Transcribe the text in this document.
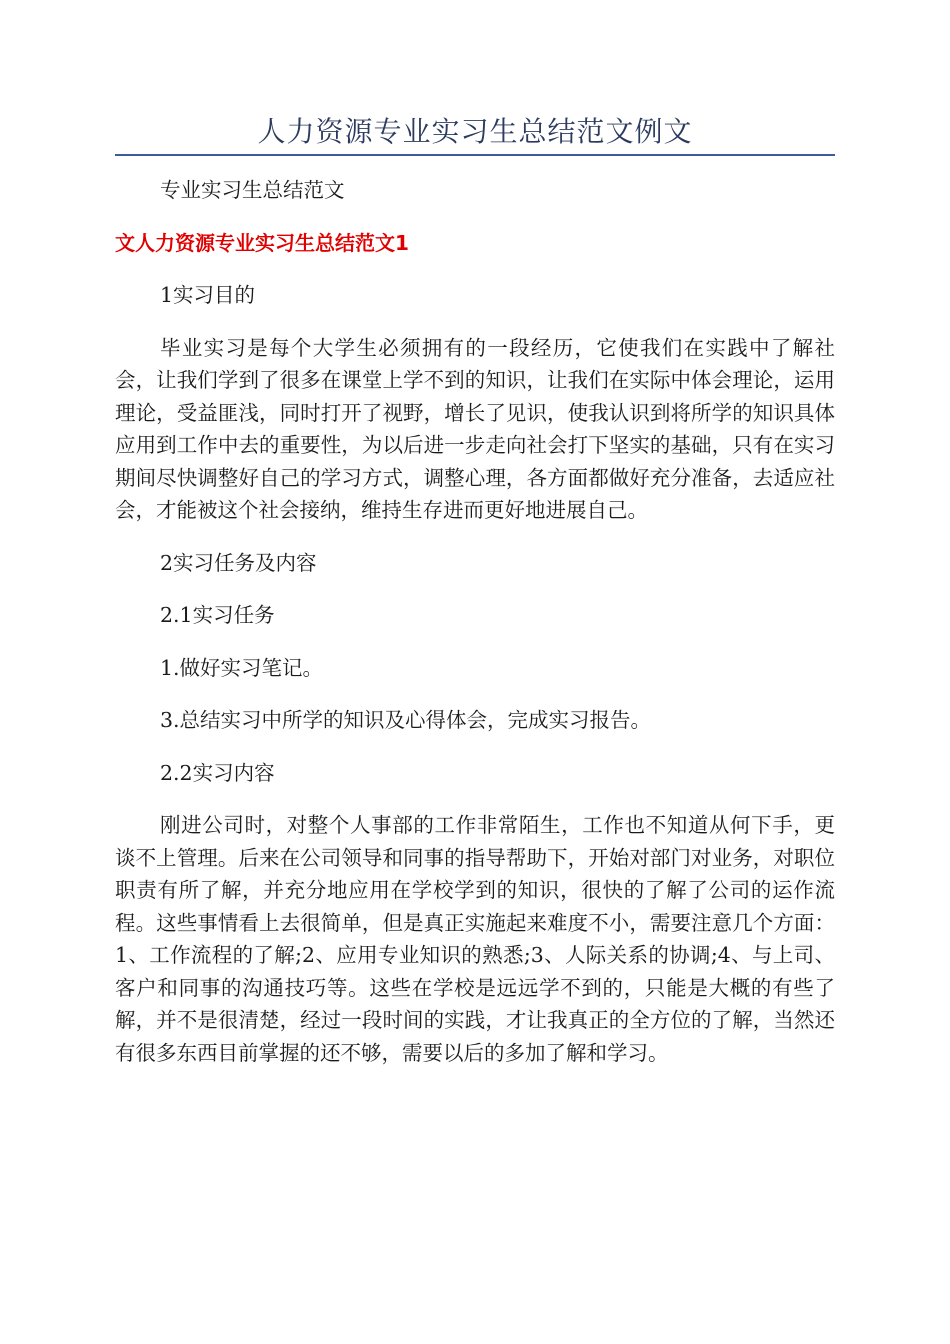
人力资源专业实习生总结范文例文

专业实习生总结范文

文人力资源专业实习生总结范文1

1实习目的

毕业实习是每个大学生必须拥有的一段经历，它使我们在实践中了解社会，让我们学到了很多在课堂上学不到的知识，让我们在实际中体会理论，运用理论，受益匪浅，同时打开了视野，增长了见识，使我认识到将所学的知识具体应用到工作中去的重要性，为以后进一步走向社会打下坚实的基础，只有在实习期间尽快调整好自己的学习方式，调整心理，各方面都做好充分准备，去适应社会，才能被这个社会接纳，维持生存进而更好地进展自己。

2实习任务及内容

2.1实习任务

1.做好实习笔记。

3.总结实习中所学的知识及心得体会，完成实习报告。

2.2实习内容

刚进公司时，对整个人事部的工作非常陌生，工作也不知道从何下手，更谈不上管理。后来在公司领导和同事的指导帮助下，开始对部门对业务，对职位职责有所了解，并充分地应用在学校学到的知识，很快的了解了公司的运作流程。这些事情看上去很简单，但是真正实施起来难度不小，需要注意几个方面：1、工作流程的了解;2、应用专业知识的熟悉;3、人际关系的协调;4、与上司、客户和同事的沟通技巧等。这些在学校是远远学不到的，只能是大概的有些了解，并不是很清楚，经过一段时间的实践，才让我真正的全方位的了解，当然还有很多东西目前掌握的还不够，需要以后的多加了解和学习。
